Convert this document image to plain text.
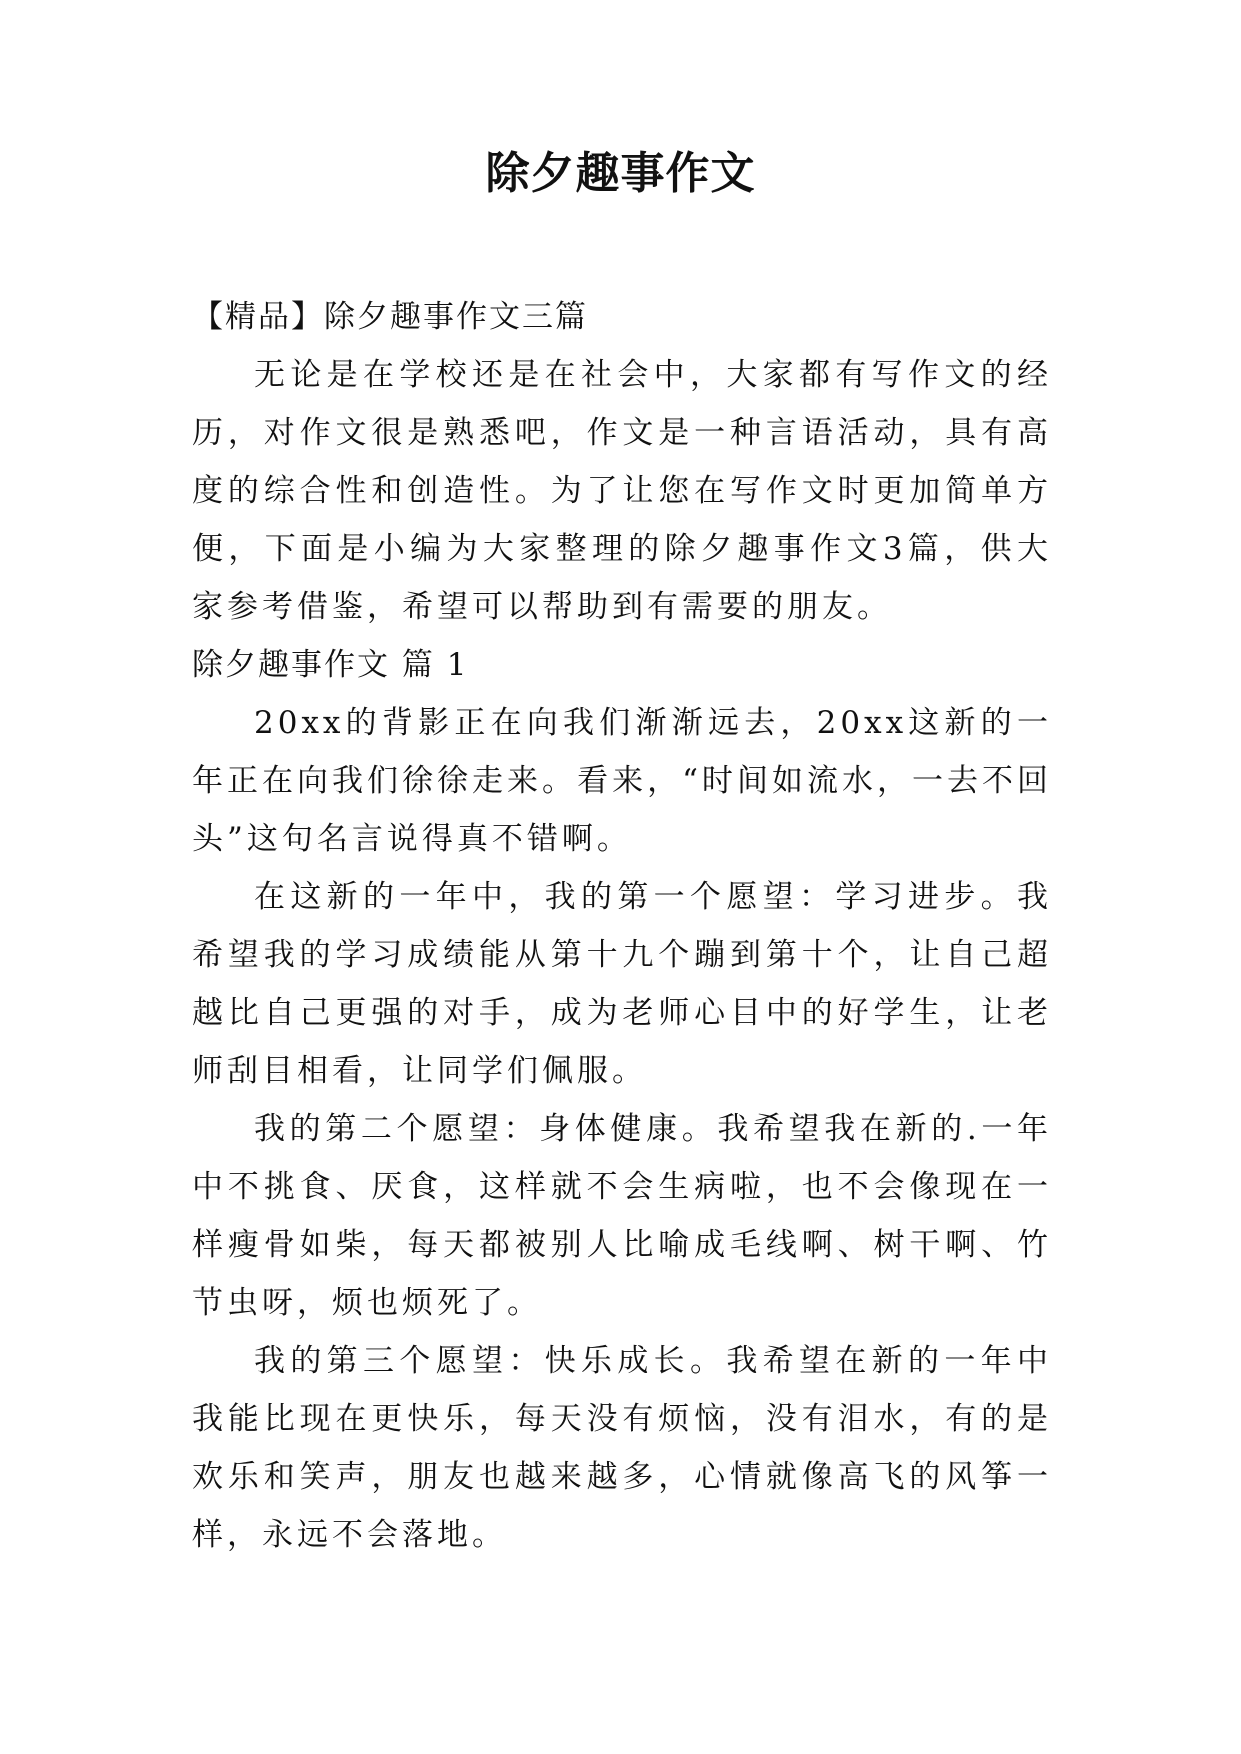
除夕趣事作文

【精品】除夕趣事作文三篇

无论是在学校还是在社会中，大家都有写作文的经历，对作文很是熟悉吧，作文是一种言语活动，具有高度的综合性和创造性。为了让您在写作文时更加简单方便，下面是小编为大家整理的除夕趣事作文3篇，供大家参考借鉴，希望可以帮助到有需要的朋友。

除夕趣事作文 篇 1

20xx的背影正在向我们渐渐远去，20xx这新的一年正在向我们徐徐走来。看来，“时间如流水，一去不回头”这句名言说得真不错啊。

在这新的一年中，我的第一个愿望：学习进步。我希望我的学习成绩能从第十九个蹦到第十个，让自己超越比自己更强的对手，成为老师心目中的好学生，让老师刮目相看，让同学们佩服。

我的第二个愿望：身体健康。我希望我在新的.一年中不挑食、厌食，这样就不会生病啦，也不会像现在一样瘦骨如柴，每天都被别人比喻成毛线啊、树干啊、竹节虫呀，烦也烦死了。

我的第三个愿望：快乐成长。我希望在新的一年中我能比现在更快乐，每天没有烦恼，没有泪水，有的是欢乐和笑声，朋友也越来越多，心情就像高飞的风筝一样，永远不会落地。
